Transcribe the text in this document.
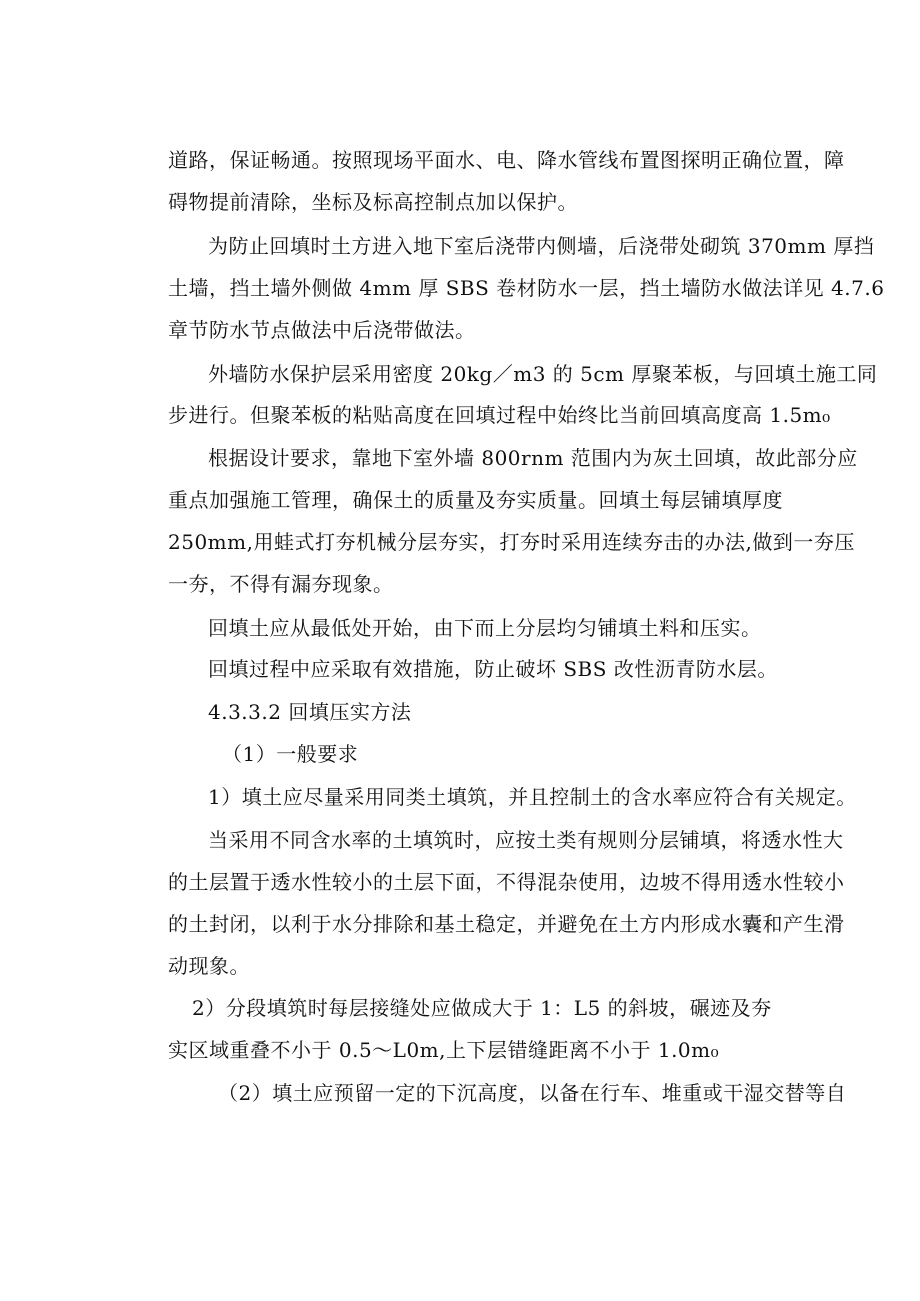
道路，保证畅通。按照现场平面水、电、降水管线布置图探明正确位置，障
碍物提前清除，坐标及标高控制点加以保护。
为防止回填时土方进入地下室后浇带内侧墙，后浇带处砌筑 370mm 厚挡
土墙，挡土墙外侧做 4mm 厚 SBS 卷材防水一层，挡土墙防水做法详见 4.7.6
章节防水节点做法中后浇带做法。
外墙防水保护层采用密度 20kg／m3 的 5cm 厚聚苯板，与回填土施工同
步进行。但聚苯板的粘贴高度在回填过程中始终比当前回填高度高 1.5m₀
根据设计要求，靠地下室外墙 800rnm 范围内为灰土回填，故此部分应
重点加强施工管理，确保土的质量及夯实质量。回填土每层铺填厚度
250mm,用蛙式打夯机械分层夯实，打夯时采用连续夯击的办法,做到一夯压
一夯，不得有漏夯现象。
回填土应从最低处开始，由下而上分层均匀铺填土料和压实。
回填过程中应采取有效措施，防止破坏 SBS 改性沥青防水层。
4.3.3.2 回填压实方法
（1）一般要求
1）填土应尽量采用同类土填筑，并且控制土的含水率应符合有关规定。
当采用不同含水率的土填筑时，应按土类有规则分层铺填，将透水性大
的土层置于透水性较小的土层下面，不得混杂使用，边坡不得用透水性较小
的土封闭，以利于水分排除和基土稳定，并避免在土方内形成水囊和产生滑
动现象。
2）分段填筑时每层接缝处应做成大于 1：L5 的斜坡，碾迹及夯
实区域重叠不小于 0.5～L0m,上下层错缝距离不小于 1.0m₀
（2）填土应预留一定的下沉高度，以备在行车、堆重或干湿交替等自
